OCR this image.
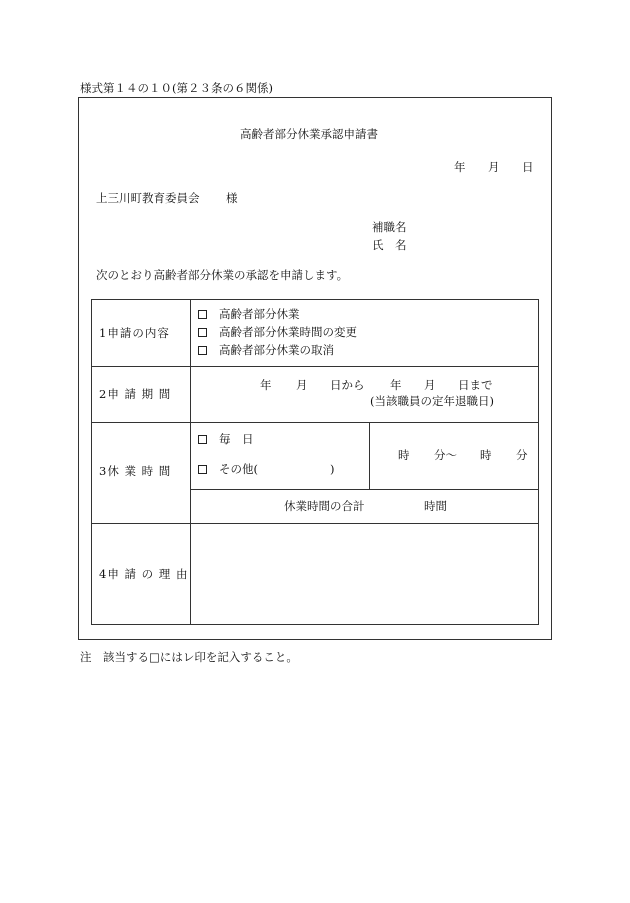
様式第１４の１０(第２３条の６関係)
高齢者部分休業承認申請書
年 月 日
上三川町教育委員会 様
補職名
氏　名
次のとおり高齢者部分休業の承認を申請します。
1申請の内容
高齢者部分休業
高齢者部分休業時間の変更
高齢者部分休業の取消
2申 請 期 間
年 月 日から 年 月 日まで
(当該職員の定年退職日)
3休 業 時 間
毎　日
その他(	)
時 分〜 時 分
休業時間の合計	時間
4申 請 の 理 由
注　該当する□にはレ印を記入すること。
